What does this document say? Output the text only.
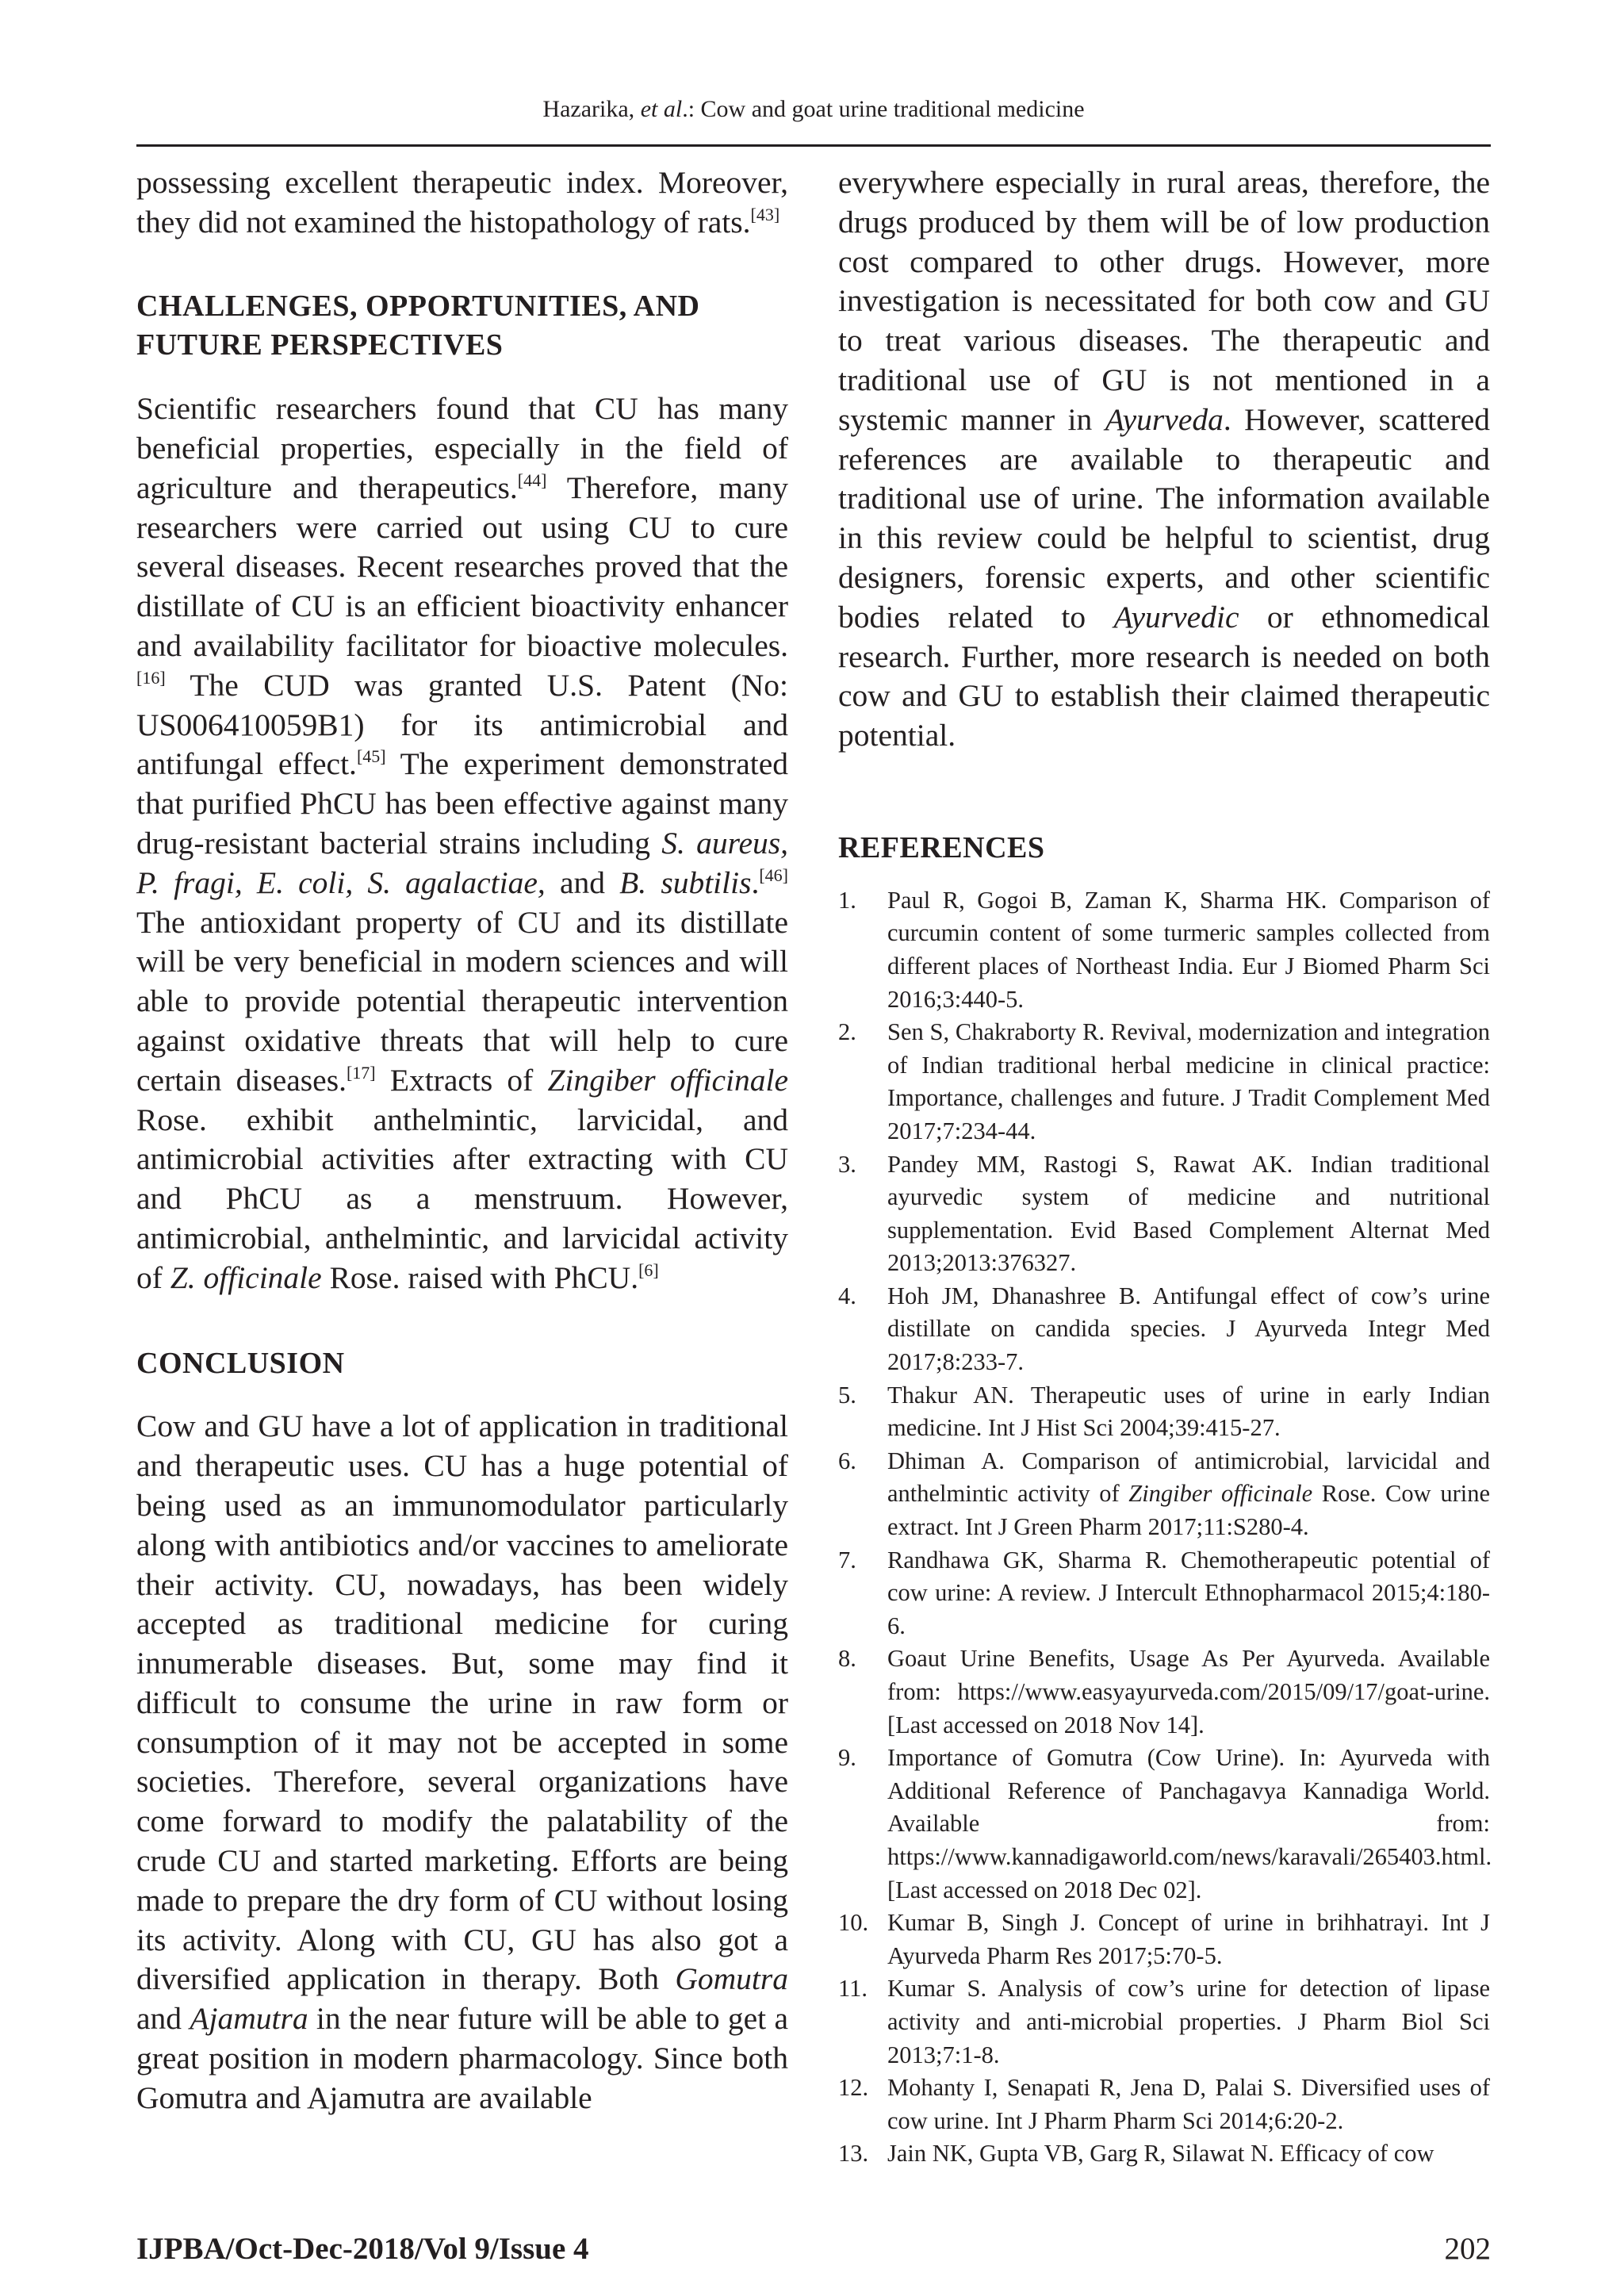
Hazarika, et al.: Cow and goat urine traditional medicine

possessing excellent therapeutic index. Moreover, they did not examined the histopathology of rats.[43]

CHALLENGES, OPPORTUNITIES, AND
FUTURE PERSPECTIVES

Scientific researchers found that CU has many beneficial properties, especially in the field of agriculture and therapeutics.[44] Therefore, many researchers were carried out using CU to cure several diseases. Recent researches proved that the distillate of CU is an efficient bioactivity enhancer and availability facilitator for bioactive molecules.[16] The CUD was granted U.S. Patent (No: US006410059B1) for its antimicrobial and antifungal effect.[45] The experiment demonstrated that purified PhCU has been effective against many drug-resistant bacterial strains including S. aureus, P. fragi, E. coli, S. agalactiae, and B. subtilis.[46] The antioxidant property of CU and its distillate will be very beneficial in modern sciences and will able to provide potential therapeutic intervention against oxidative threats that will help to cure certain diseases.[17] Extracts of Zingiber officinale Rose. exhibit anthelmintic, larvicidal, and antimicrobial activities after extracting with CU and PhCU as a menstruum. However, antimicrobial, anthelmintic, and larvicidal activity of Z. officinale Rose. raised with PhCU.[6]

CONCLUSION

Cow and GU have a lot of application in traditional and therapeutic uses. CU has a huge potential of being used as an immunomodulator particularly along with antibiotics and/or vaccines to ameliorate their activity. CU, nowadays, has been widely accepted as traditional medicine for curing innumerable diseases. But, some may find it difficult to consume the urine in raw form or consumption of it may not be accepted in some societies. Therefore, several organizations have come forward to modify the palatability of the crude CU and started marketing. Efforts are being made to prepare the dry form of CU without losing its activity. Along with CU, GU has also got a diversified application in therapy. Both Gomutra and Ajamutra in the near future will be able to get a great position in modern pharmacology. Since both Gomutra and Ajamutra are available

everywhere especially in rural areas, therefore, the drugs produced by them will be of low production cost compared to other drugs. However, more investigation is necessitated for both cow and GU to treat various diseases. The therapeutic and traditional use of GU is not mentioned in a systemic manner in Ayurveda. However, scattered references are available to therapeutic and traditional use of urine. The information available in this review could be helpful to scientist, drug designers, forensic experts, and other scientific bodies related to Ayurvedic or ethnomedical research. Further, more research is needed on both cow and GU to establish their claimed therapeutic potential.

REFERENCES
1. Paul R, Gogoi B, Zaman K, Sharma HK. Comparison of curcumin content of some turmeric samples collected from different places of Northeast India. Eur J Biomed Pharm Sci 2016;3:440-5.
2. Sen S, Chakraborty R. Revival, modernization and integration of Indian traditional herbal medicine in clinical practice: Importance, challenges and future. J Tradit Complement Med 2017;7:234-44.
3. Pandey MM, Rastogi S, Rawat AK. Indian traditional ayurvedic system of medicine and nutritional supplementation. Evid Based Complement Alternat Med 2013;2013:376327.
4. Hoh JM, Dhanashree B. Antifungal effect of cow’s urine distillate on candida species. J Ayurveda Integr Med 2017;8:233-7.
5. Thakur AN. Therapeutic uses of urine in early Indian medicine. Int J Hist Sci 2004;39:415-27.
6. Dhiman A. Comparison of antimicrobial, larvicidal and anthelmintic activity of Zingiber officinale Rose. Cow urine extract. Int J Green Pharm 2017;11:S280-4.
7. Randhawa GK, Sharma R. Chemotherapeutic potential of cow urine: A review. J Intercult Ethnopharmacol 2015;4:180-6.
8. Goaut Urine Benefits, Usage As Per Ayurveda. Available from: https://www.easyayurveda.com/2015/09/17/goat-urine. [Last accessed on 2018 Nov 14].
9. Importance of Gomutra (Cow Urine). In: Ayurveda with Additional Reference of Panchagavya Kannadiga World. Available from: https://www.kannadigaworld.com/news/karavali/265403.html. [Last accessed on 2018 Dec 02].
10. Kumar B, Singh J. Concept of urine in brihhatrayi. Int J Ayurveda Pharm Res 2017;5:70-5.
11. Kumar S. Analysis of cow’s urine for detection of lipase activity and anti-microbial properties. J Pharm Biol Sci 2013;7:1-8.
12. Mohanty I, Senapati R, Jena D, Palai S. Diversified uses of cow urine. Int J Pharm Pharm Sci 2014;6:20-2.
13. Jain NK, Gupta VB, Garg R, Silawat N. Efficacy of cow
IJPBA/Oct-Dec-2018/Vol 9/Issue 4	202
